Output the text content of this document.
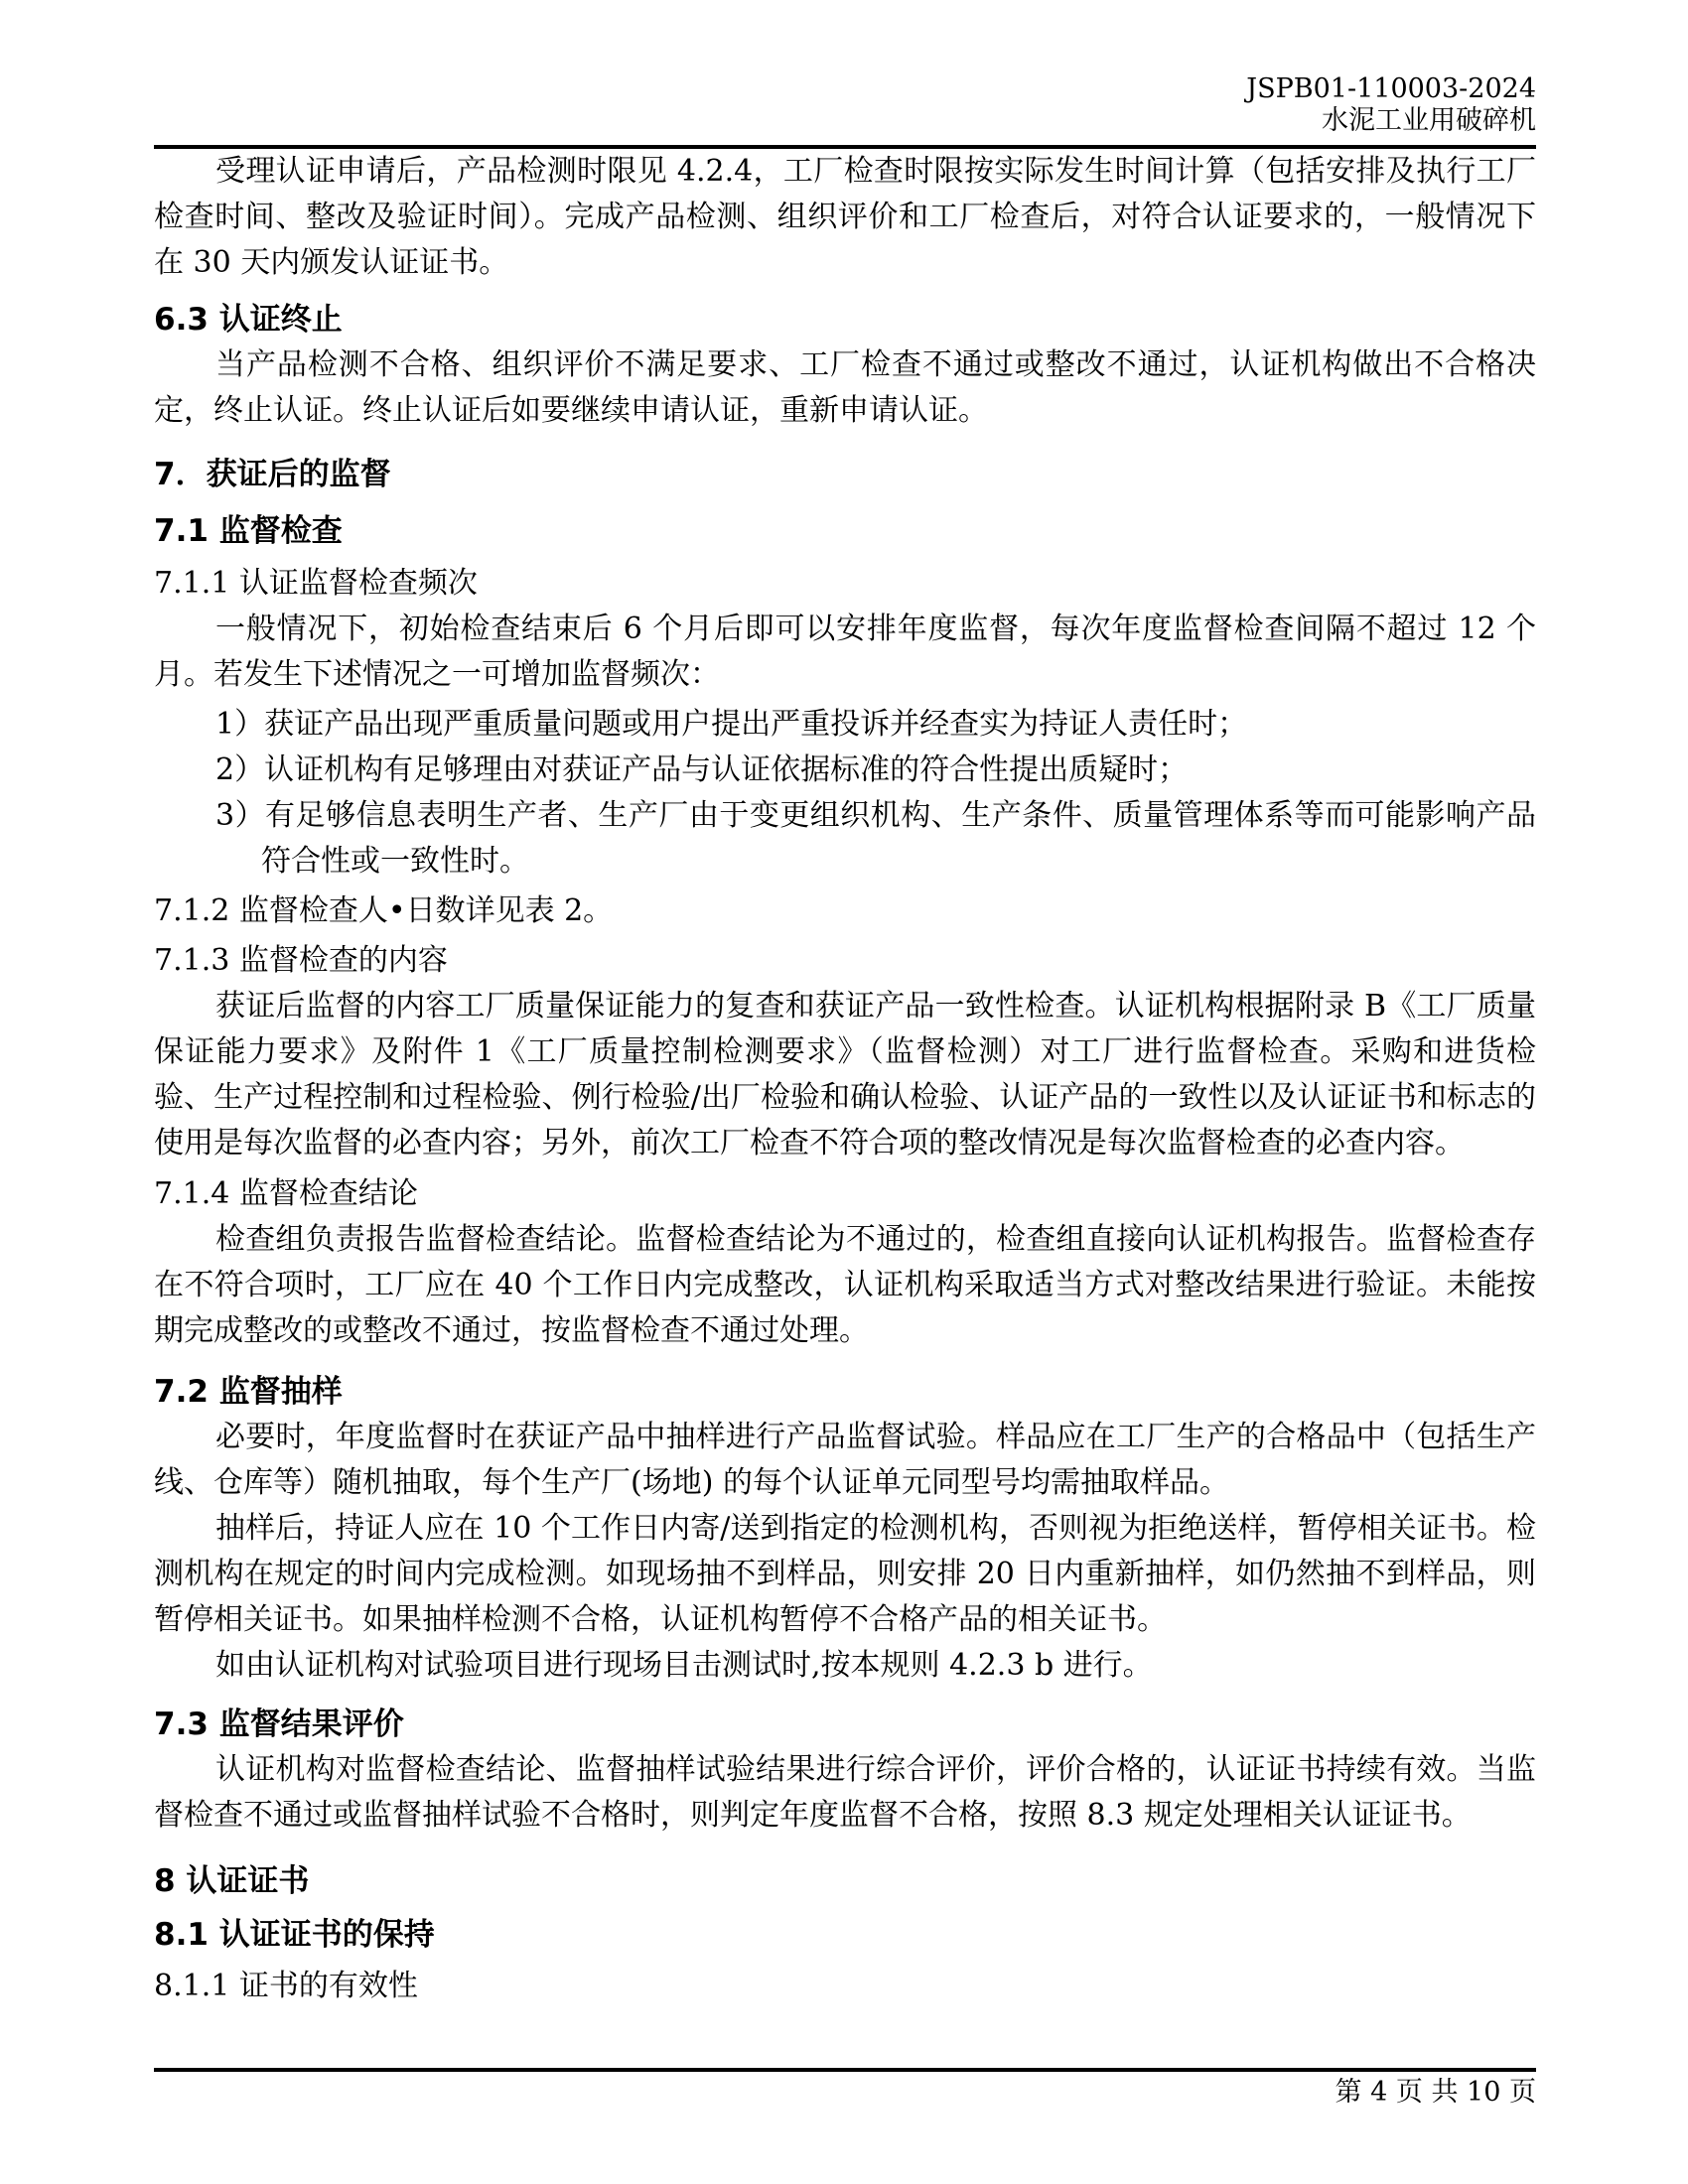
JSPB01-110003-2024
水泥工业用破碎机

受理认证申请后，产品检测时限见 4.2.4，工厂检查时限按实际发生时间计算（包括安排及执行工厂检查时间、整改及验证时间）。完成产品检测、组织评价和工厂检查后，对符合认证要求的，一般情况下在 30 天内颁发认证证书。

6.3 认证终止

当产品检测不合格、组织评价不满足要求、工厂检查不通过或整改不通过，认证机构做出不合格决定，终止认证。终止认证后如要继续申请认证，重新申请认证。

7．获证后的监督
7.1 监督检查
7.1.1 认证监督检查频次

一般情况下，初始检查结束后 6 个月后即可以安排年度监督，每次年度监督检查间隔不超过 12 个月。若发生下述情况之一可增加监督频次：

1）获证产品出现严重质量问题或用户提出严重投诉并经查实为持证人责任时；
2）认证机构有足够理由对获证产品与认证依据标准的符合性提出质疑时；
3）有足够信息表明生产者、生产厂由于变更组织机构、生产条件、质量管理体系等而可能影响产品符合性或一致性时。
7.1.2 监督检查人•日数详见表 2。
7.1.3 监督检查的内容

获证后监督的内容工厂质量保证能力的复查和获证产品一致性检查。认证机构根据附录 B《工厂质量保证能力要求》及附件 1《工厂质量控制检测要求》（监督检测）对工厂进行监督检查。采购和进货检验、生产过程控制和过程检验、例行检验/出厂检验和确认检验、认证产品的一致性以及认证证书和标志的使用是每次监督的必查内容；另外，前次工厂检查不符合项的整改情况是每次监督检查的必查内容。

7.1.4 监督检查结论

检查组负责报告监督检查结论。监督检查结论为不通过的，检查组直接向认证机构报告。监督检查存在不符合项时，工厂应在 40 个工作日内完成整改，认证机构采取适当方式对整改结果进行验证。未能按期完成整改的或整改不通过，按监督检查不通过处理。

7.2 监督抽样

必要时，年度监督时在获证产品中抽样进行产品监督试验。样品应在工厂生产的合格品中（包括生产线、仓库等）随机抽取，每个生产厂(场地) 的每个认证单元同型号均需抽取样品。

抽样后，持证人应在 10 个工作日内寄/送到指定的检测机构，否则视为拒绝送样，暂停相关证书。检测机构在规定的时间内完成检测。如现场抽不到样品，则安排 20 日内重新抽样，如仍然抽不到样品，则暂停相关证书。如果抽样检测不合格，认证机构暂停不合格产品的相关证书。

如由认证机构对试验项目进行现场目击测试时,按本规则 4.2.3 b 进行。

7.3 监督结果评价

认证机构对监督检查结论、监督抽样试验结果进行综合评价，评价合格的，认证证书持续有效。当监督检查不通过或监督抽样试验不合格时，则判定年度监督不合格，按照 8.3 规定处理相关认证证书。

8 认证证书
8.1 认证证书的保持
8.1.1 证书的有效性
第 4 页 共 10 页
